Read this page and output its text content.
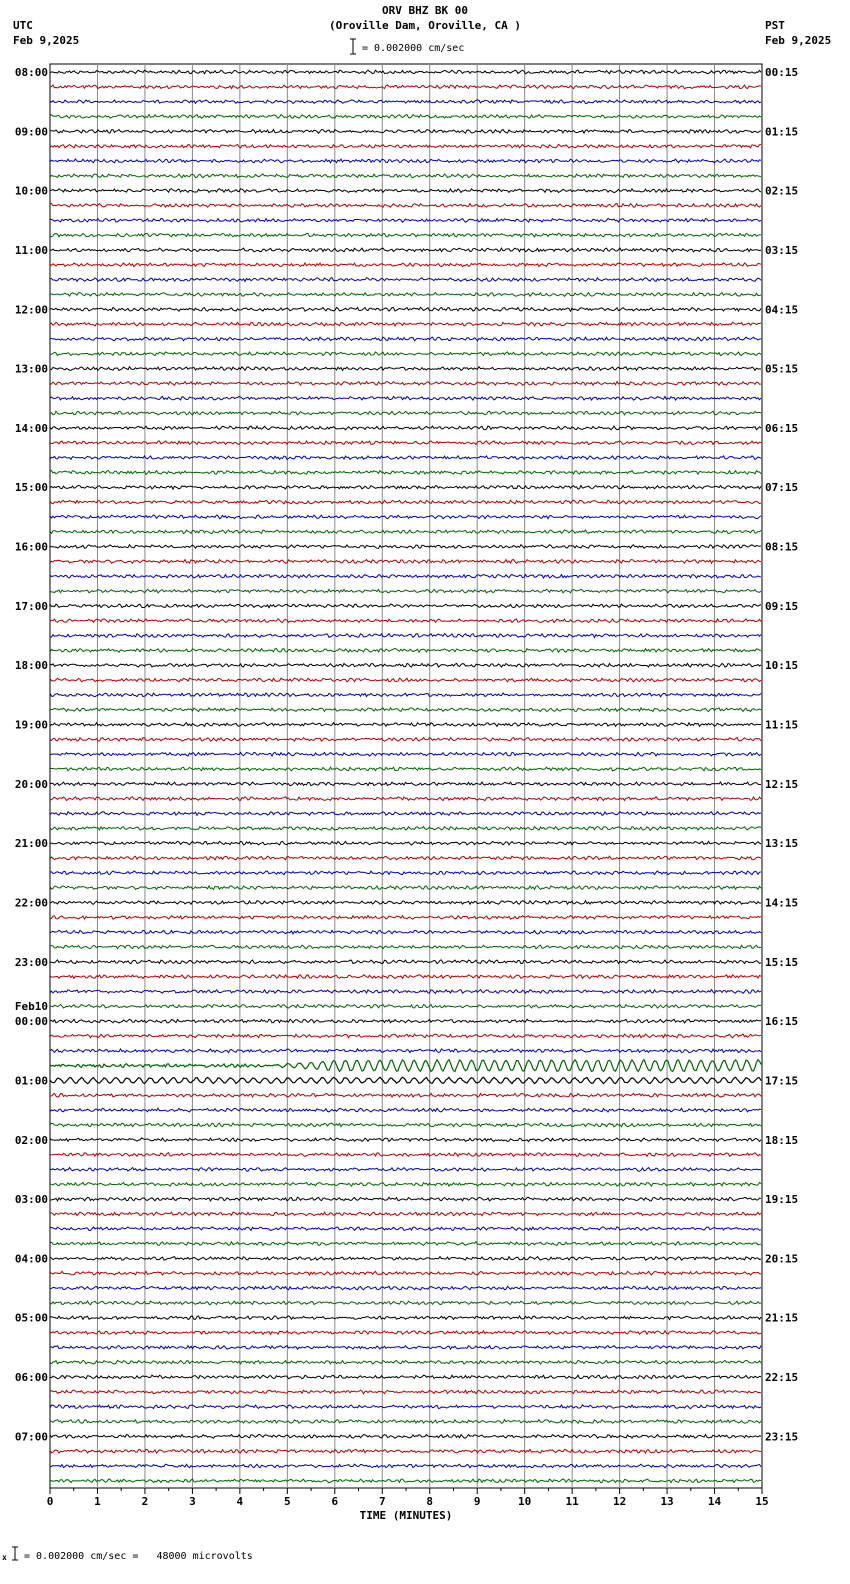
ORV BHZ BK 00
(Oroville Dam, Oroville, CA )
= 0.002000 cm/sec
UTC
Feb 9,2025
PST
Feb 9,2025
08:00	00:15
09:00	01:15
10:00	02:15
11:00	03:15
12:00	04:15
13:00	05:15
14:00	06:15
15:00	07:15
16:00	08:15
17:00	09:15
18:00	10:15
19:00	11:15
20:00	12:15
21:00	13:15
22:00	14:15
23:00	15:15
00:00	16:15
01:00	17:15
02:00	18:15
03:00	19:15
04:00	20:15
05:00	21:15
06:00	22:15
07:00	23:15
Feb10
0	1	2	3	4	5	6	7	8	9	10	11	12	13	14	15
TIME (MINUTES)
x = 0.002000 cm/sec =   48000 microvolts
